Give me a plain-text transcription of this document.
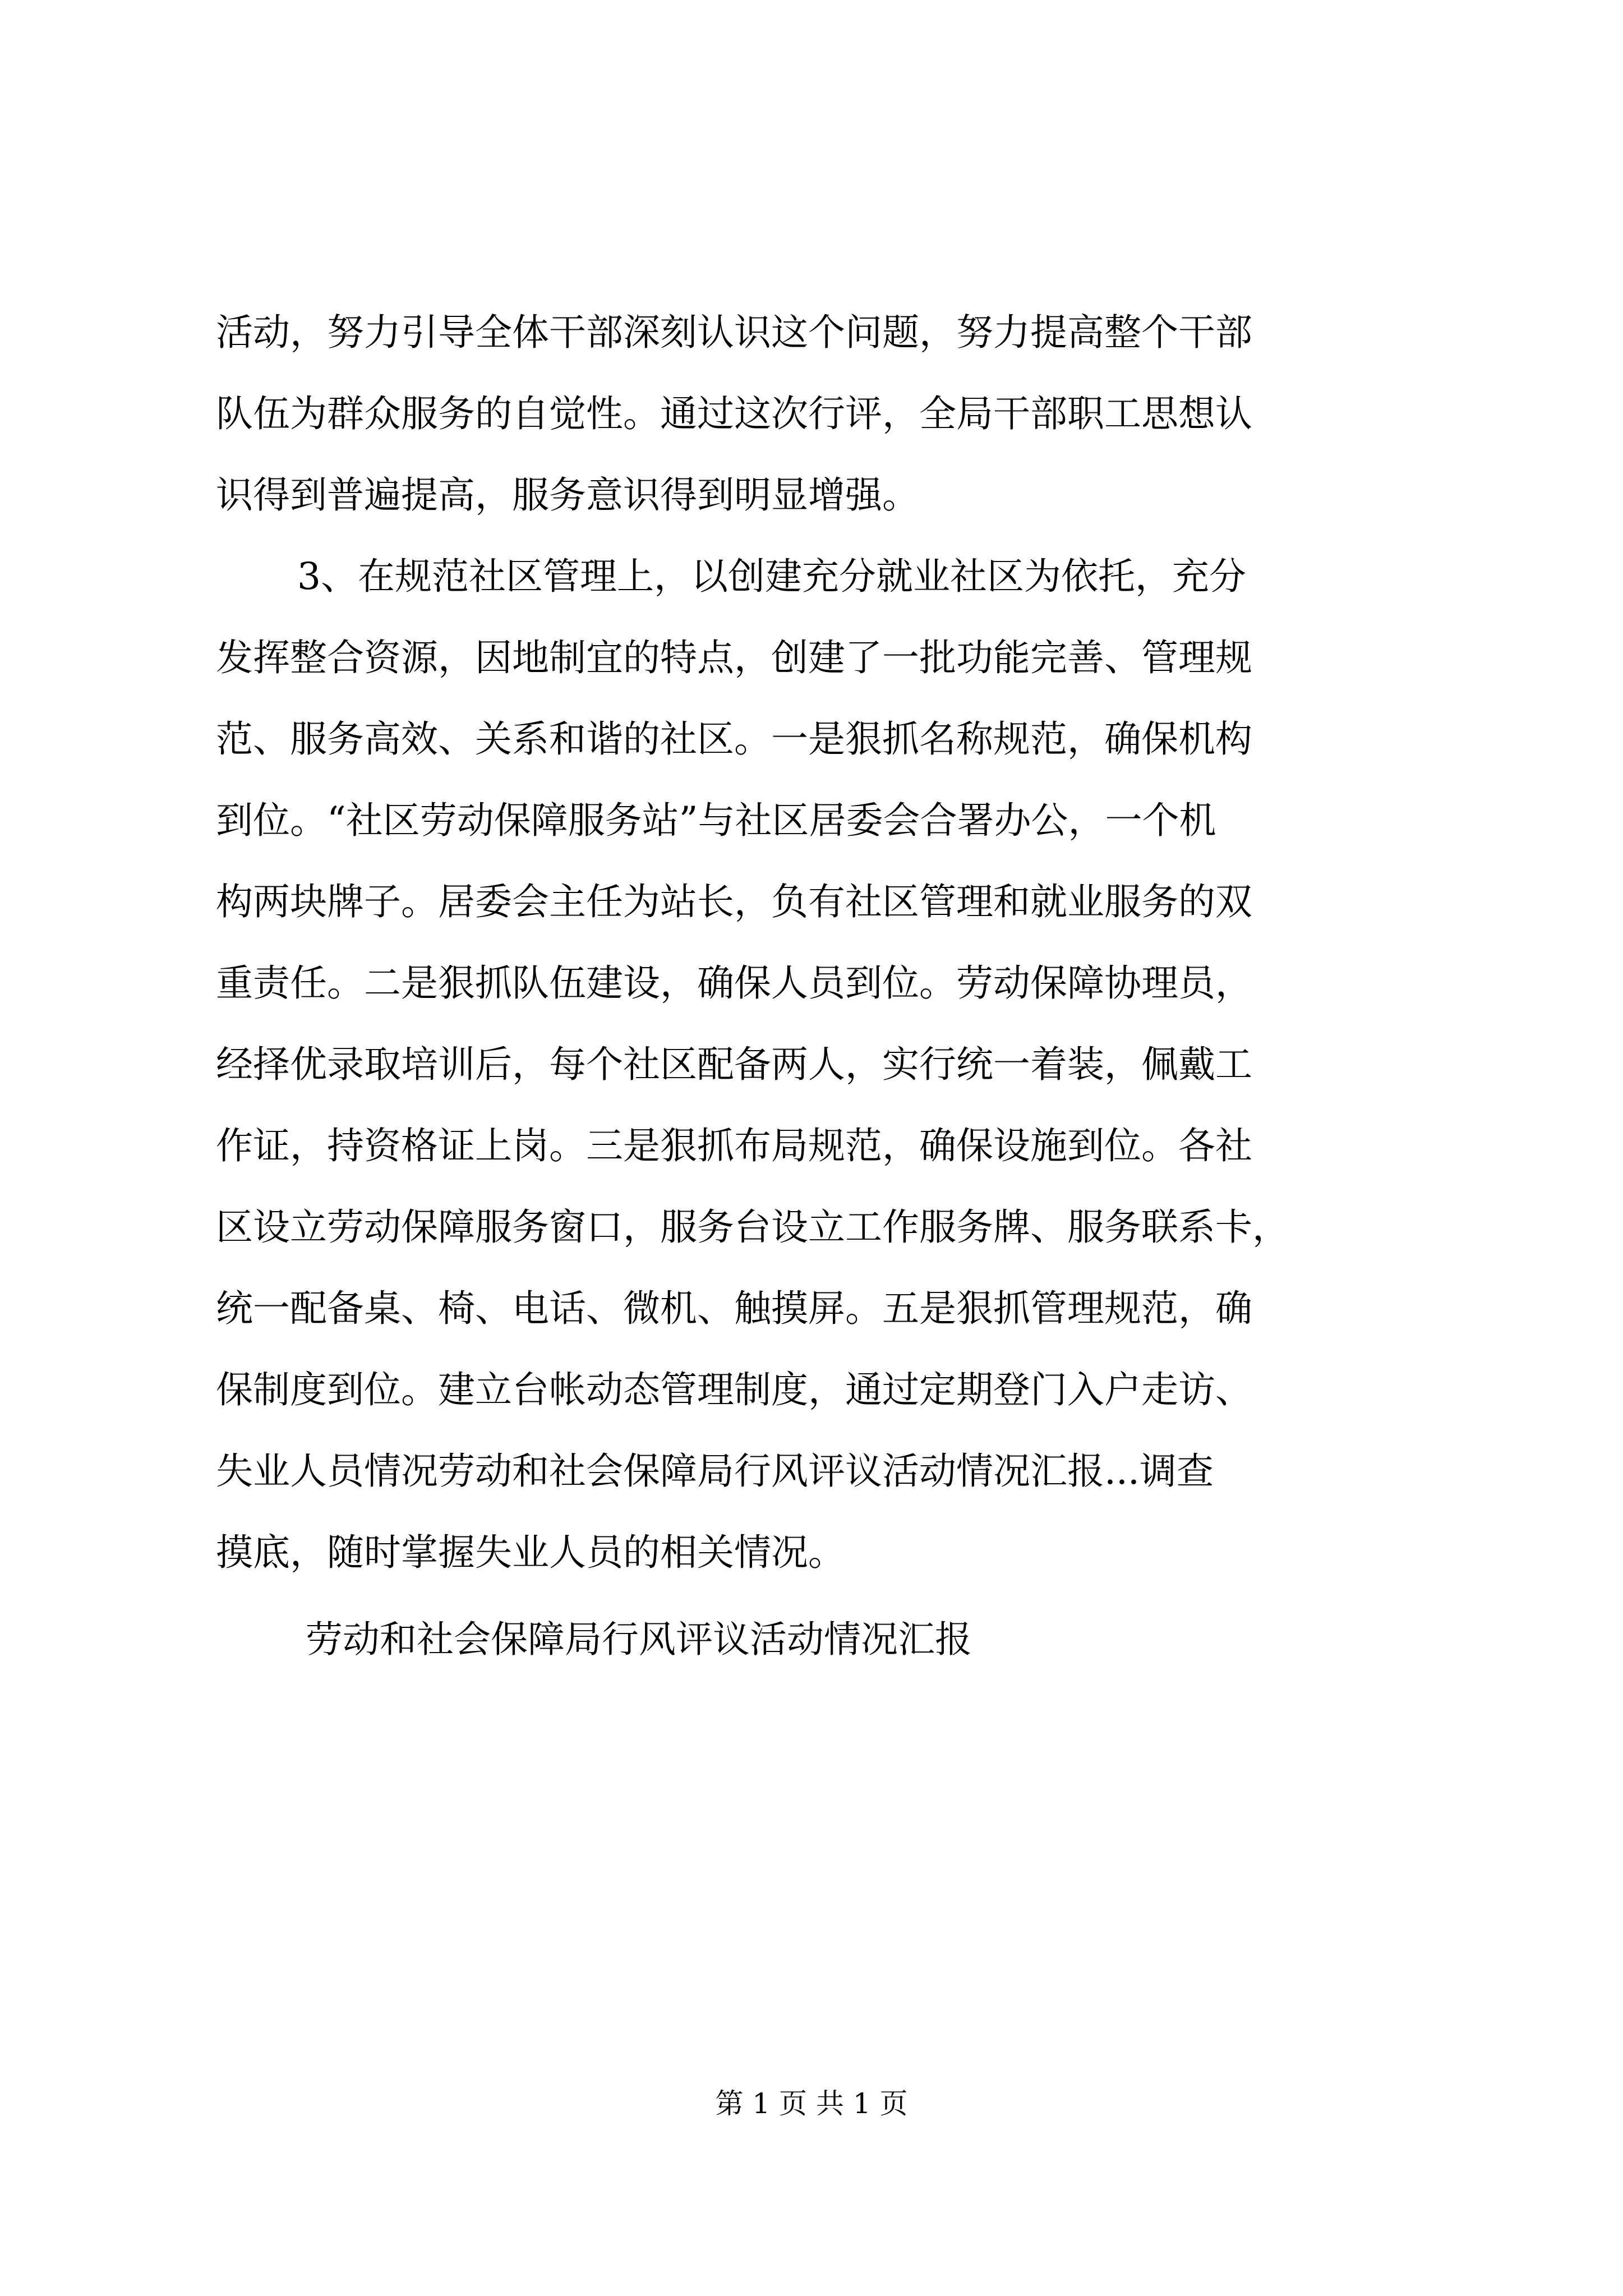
活动，努力引导全体干部深刻认识这个问题，努力提高整个干部
队伍为群众服务的自觉性。通过这次行评，全局干部职工思想认
识得到普遍提高，服务意识得到明显增强。
3、在规范社区管理上，以创建充分就业社区为依托，充分
发挥整合资源，因地制宜的特点，创建了一批功能完善、管理规
范、服务高效、关系和谐的社区。一是狠抓名称规范，确保机构
到位。“社区劳动保障服务站”与社区居委会合署办公，一个机
构两块牌子。居委会主任为站长，负有社区管理和就业服务的双
重责任。二是狠抓队伍建设，确保人员到位。劳动保障协理员，
经择优录取培训后，每个社区配备两人，实行统一着装，佩戴工
作证，持资格证上岗。三是狠抓布局规范，确保设施到位。各社
区设立劳动保障服务窗口，服务台设立工作服务牌、服务联系卡，
统一配备桌、椅、电话、微机、触摸屏。五是狠抓管理规范，确
保制度到位。建立台帐动态管理制度，通过定期登门入户走访、
失业人员情况劳动和社会保障局行风评议活动情况汇报...调查
摸底，随时掌握失业人员的相关情况。
劳动和社会保障局行风评议活动情况汇报
第 1 页 共 1 页
